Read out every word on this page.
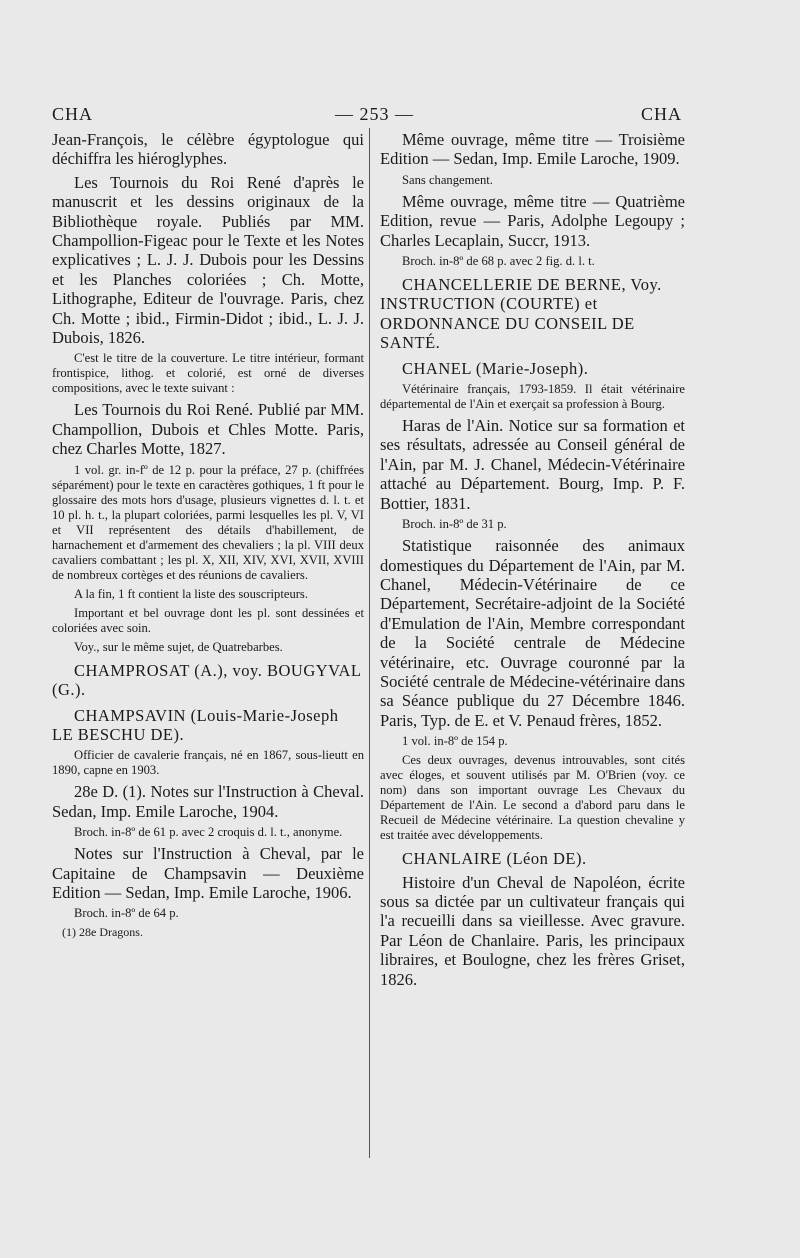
CHA	— 253 —	CHA

Jean-François, le célèbre égyptologue qui déchiffra les hiéroglyphes.

Les Tournois du Roi René d'après le manuscrit et les dessins originaux de la Bibliothèque royale. Publiés par MM. Champollion-Figeac pour le Texte et les Notes explicatives ; L. J. J. Dubois pour les Dessins et les Planches coloriées ; Ch. Motte, Lithographe, Editeur de l'ouvrage. Paris, chez Ch. Motte ; ibid., Firmin-Didot ; ibid., L. J. J. Dubois, 1826.

C'est le titre de la couverture. Le titre intérieur, formant frontispice, lithog. et colorié, est orné de diverses compositions, avec le texte suivant :

Les Tournois du Roi René. Publié par MM. Champollion, Dubois et Chles Motte. Paris, chez Charles Motte, 1827.

1 vol. gr. in-fº de 12 p. pour la préface, 27 p. (chiffrées séparément) pour le texte en caractères gothiques, 1 ft pour le glossaire des mots hors d'usage, plusieurs vignettes d. l. t. et 10 pl. h. t., la plupart coloriées, parmi lesquelles les pl. V, VI et VII représentent des détails d'habillement, de harnachement et d'armement des chevaliers ; la pl. VIII deux cavaliers combattant ; les pl. X, XII, XIV, XVI, XVII, XVIII de nombreux cortèges et des réunions de cavaliers.

A la fin, 1 ft contient la liste des souscripteurs.

Important et bel ouvrage dont les pl. sont dessinées et coloriées avec soin.

Voy., sur le même sujet, de Quatrebarbes.

CHAMPROSAT (A.), voy. BOUGYVAL (G.).

CHAMPSAVIN (Louis-Marie-Joseph LE BESCHU DE).

Officier de cavalerie français, né en 1867, sous-lieutt en 1890, capne en 1903.

28e D. (1). Notes sur l'Instruction à Cheval. Sedan, Imp. Emile Laroche, 1904.

Broch. in-8º de 61 p. avec 2 croquis d. l. t., anonyme.

Notes sur l'Instruction à Cheval, par le Capitaine de Champsavin — Deuxième Edition — Sedan, Imp. Emile Laroche, 1906.

Broch. in-8º de 64 p.

(1) 28e Dragons.

Même ouvrage, même titre — Troisième Edition — Sedan, Imp. Emile Laroche, 1909.

Sans changement.

Même ouvrage, même titre — Quatrième Edition, revue — Paris, Adolphe Legoupy ; Charles Lecaplain, Succr, 1913.

Broch. in-8º de 68 p. avec 2 fig. d. l. t.

CHANCELLERIE DE BERNE, Voy. INSTRUCTION (COURTE) et ORDONNANCE DU CONSEIL DE SANTÉ.

CHANEL (Marie-Joseph).

Vétérinaire français, 1793-1859. Il était vétérinaire départemental de l'Ain et exerçait sa profession à Bourg.

Haras de l'Ain. Notice sur sa formation et ses résultats, adressée au Conseil général de l'Ain, par M. J. Chanel, Médecin-Vétérinaire attaché au Département. Bourg, Imp. P. F. Bottier, 1831.

Broch. in-8º de 31 p.

Statistique raisonnée des animaux domestiques du Département de l'Ain, par M. Chanel, Médecin-Vétérinaire de ce Département, Secrétaire-adjoint de la Société d'Emulation de l'Ain, Membre correspondant de la Société centrale de Médecine vétérinaire, etc. Ouvrage couronné par la Société centrale de Médecine-vétérinaire dans sa Séance publique du 27 Décembre 1846. Paris, Typ. de E. et V. Penaud frères, 1852.

1 vol. in-8º de 154 p.

Ces deux ouvrages, devenus introuvables, sont cités avec éloges, et souvent utilisés par M. O'Brien (voy. ce nom) dans son important ouvrage Les Chevaux du Département de l'Ain. Le second a d'abord paru dans le Recueil de Médecine vétérinaire. La question chevaline y est traitée avec développements.

CHANLAIRE (Léon DE).

Histoire d'un Cheval de Napoléon, écrite sous sa dictée par un cultivateur français qui l'a recueilli dans sa vieillesse. Avec gravure. Par Léon de Chanlaire. Paris, les principaux libraires, et Boulogne, chez les frères Griset, 1826.
